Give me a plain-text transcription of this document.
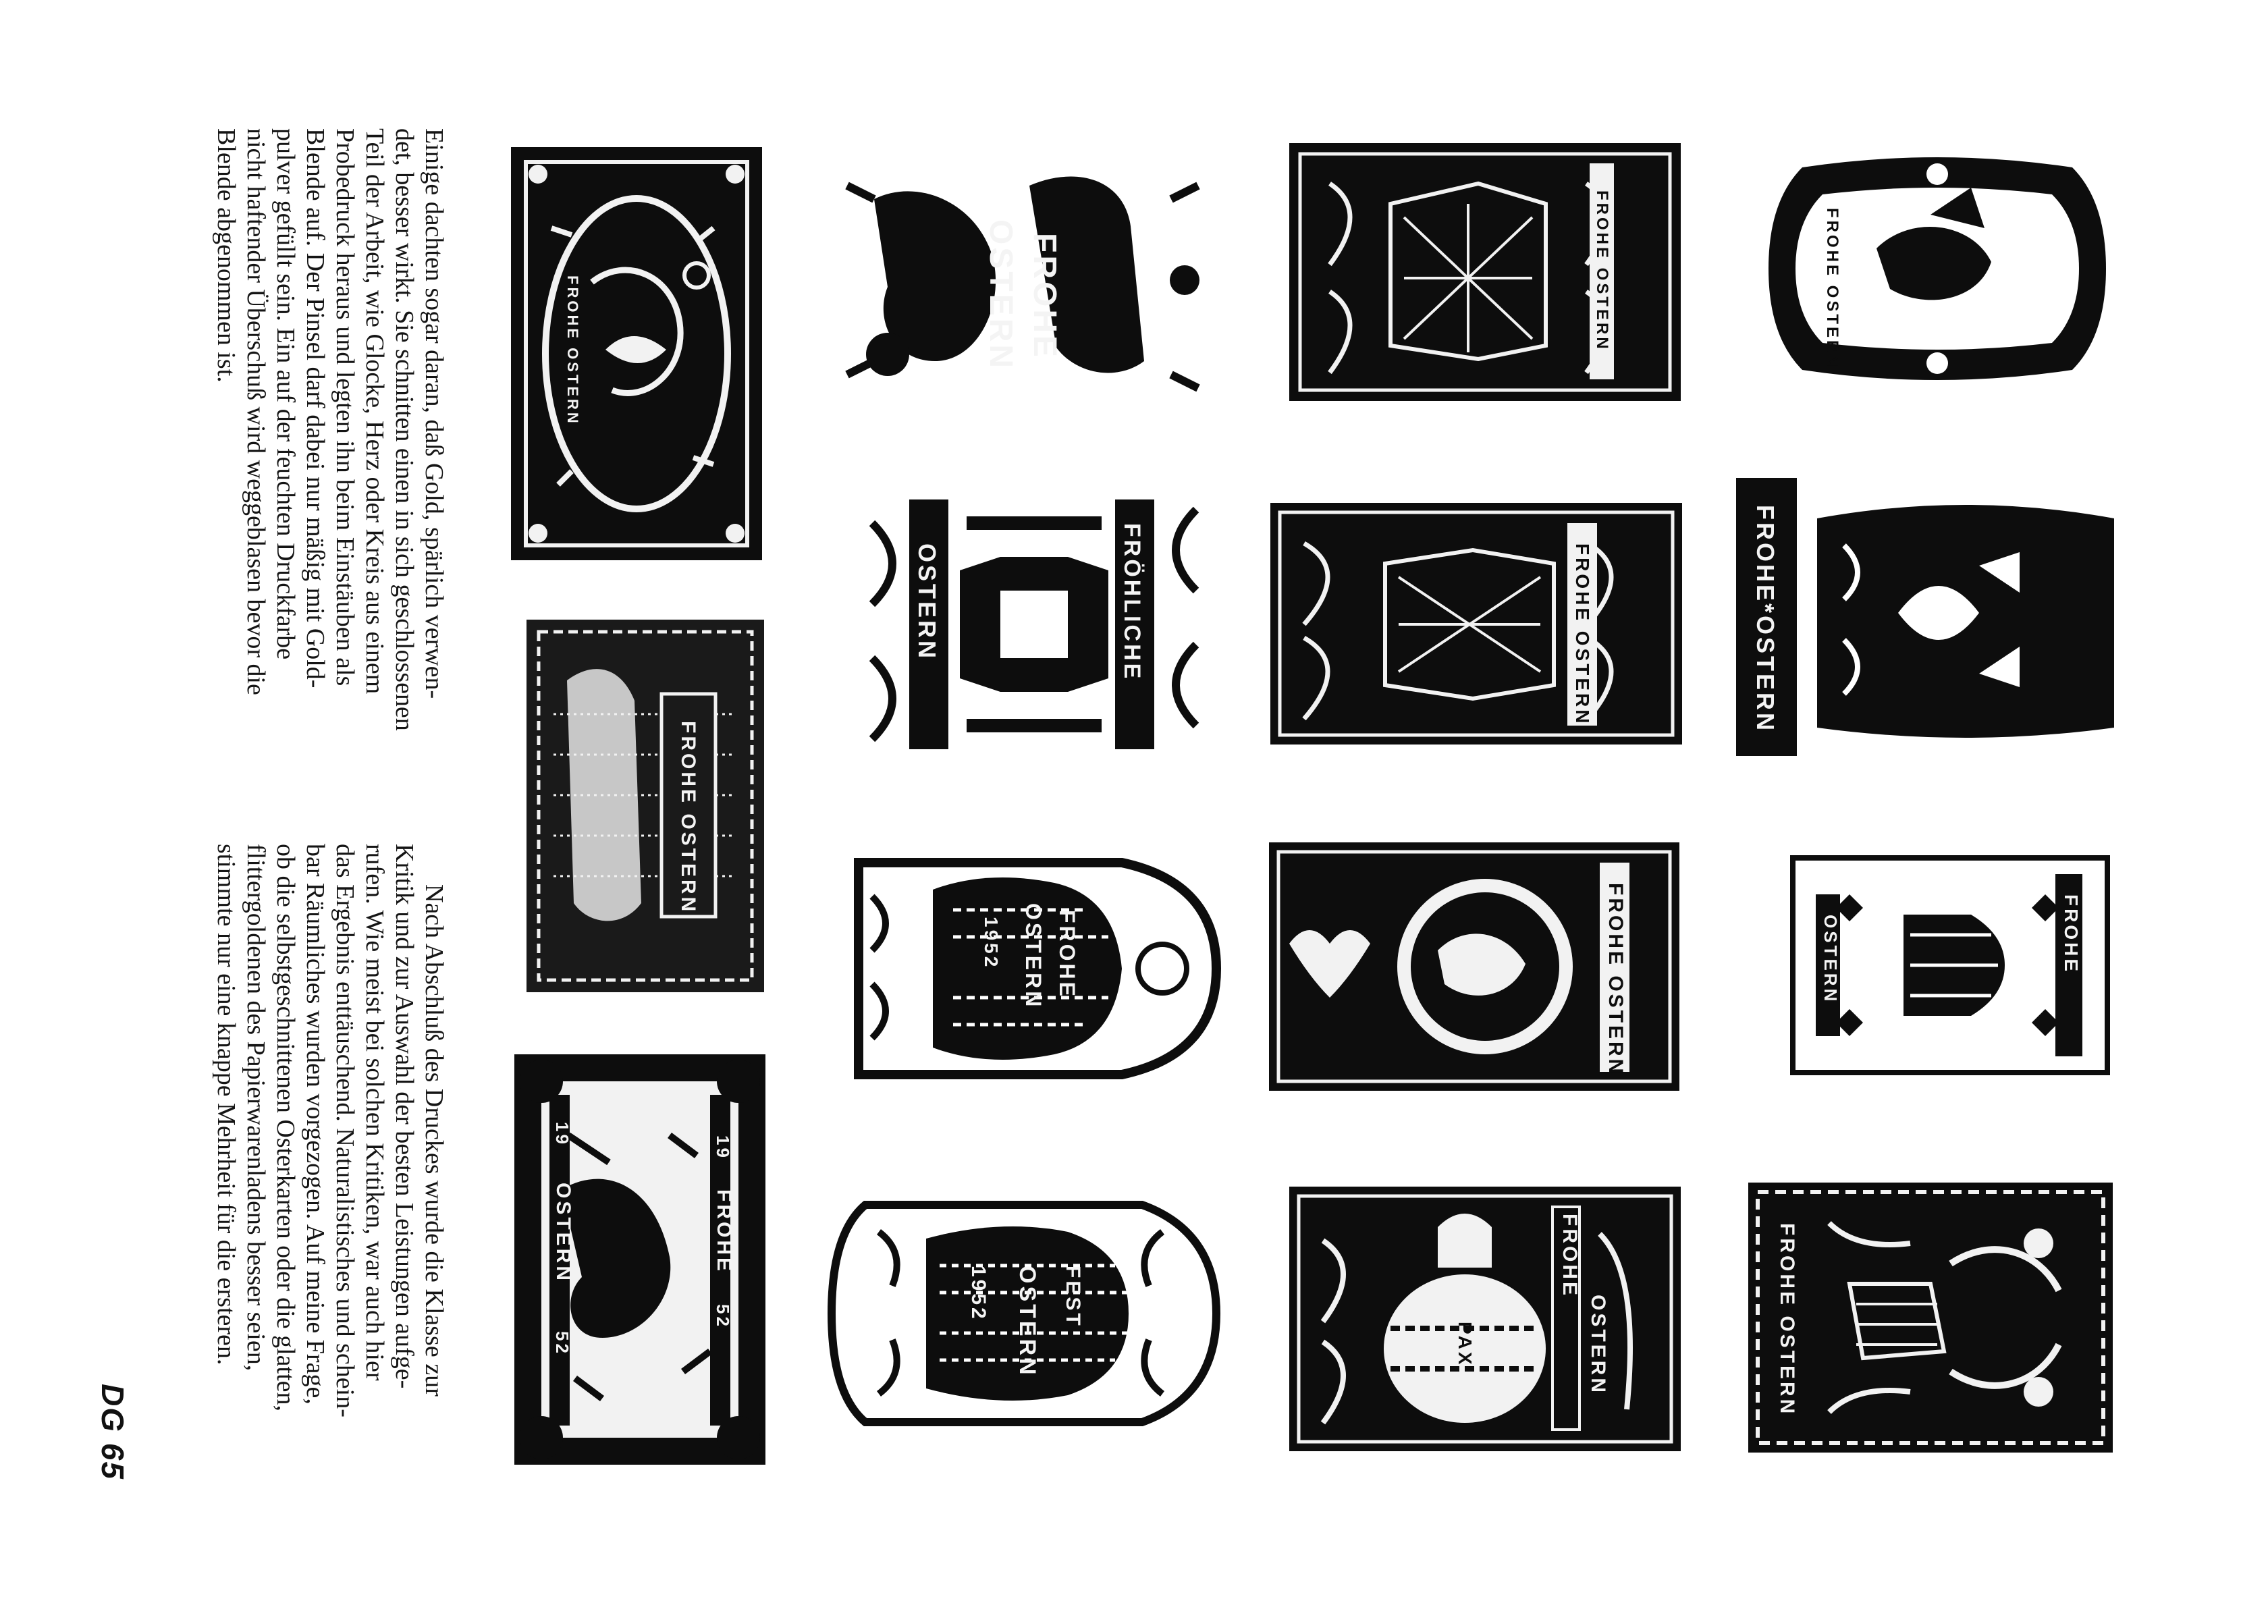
Einige dachten sogar daran, daß Gold, spärlich verwen-
det, besser wirkt. Sie schnitten einen in sich geschlossenen
Teil der Arbeit, wie Glocke, Herz oder Kreis aus einem
Probedruck heraus und legten ihn beim Einstäuben als
Blende auf. Der Pinsel darf dabei nur mäßig mit Gold-
pulver gefüllt sein. Ein auf der feuchten Druckfarbe
nicht haftender Überschuß wird weggeblasen bevor die
Blende abgenommen ist.

Nach Abschluß des Druckes wurde die Klasse zur
Kritik und zur Auswahl der besten Leistungen aufge-
rufen. Wie meist bei solchen Kritiken, war auch hier
das Ergebnis enttäuschend. Naturalistisches und schein-
bar Räumliches wurden vorgezogen. Auf meine Frage,
ob die selbstgeschnittenen Osterkarten oder die glatten,
flittergoldenen des Papierwarenladens besser seien,
stimmte nur eine knappe Mehrheit für die ersteren.

DG 65
FROHE OSTERN
FROHE OSTERN
19
FROHE
52
19
OSTERN
52
FROHE
OSTERN
OSTERN	FRÖHLICHE
FROHE
OSTERN
1952
1952 OSTERN FEST
FROHE OSTERN
FROHE OSTERN
FROHE OSTERN
FROHE
OSTERN
PAX
FROHE OSTERN
FROHE*OSTERN
FROHE
OSTERN
FROHE OSTERN
